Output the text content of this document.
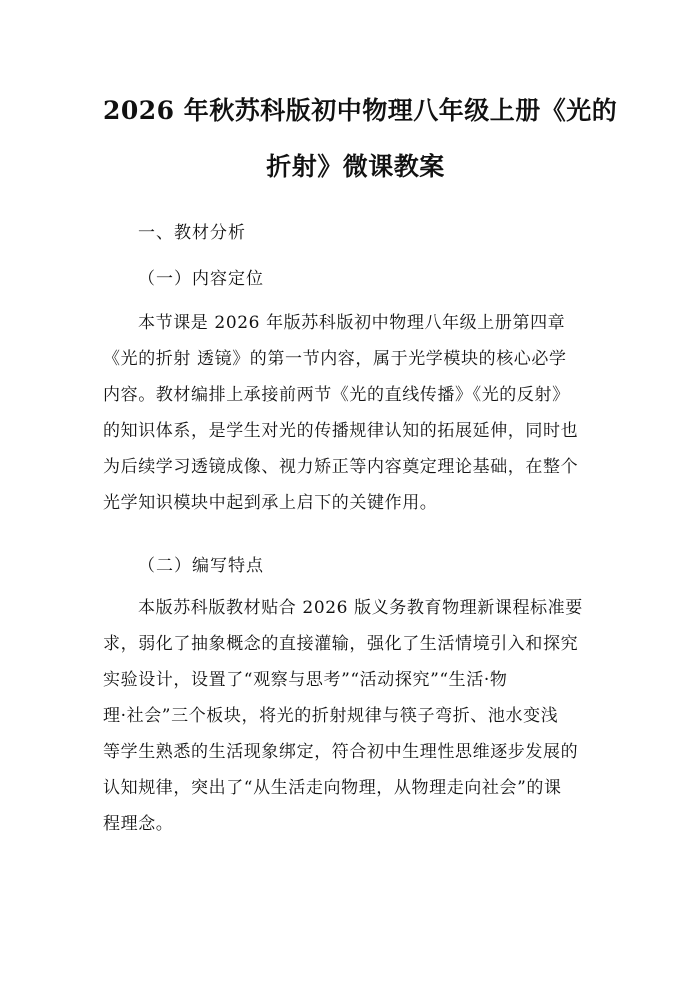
2026 年秋苏科版初中物理八年级上册《光的
折射》微课教案
一、教材分析
（一）内容定位
本节课是 2026 年版苏科版初中物理八年级上册第四章
《光的折射 透镜》的第一节内容，属于光学模块的核心必学
内容。教材编排上承接前两节《光的直线传播》《光的反射》
的知识体系，是学生对光的传播规律认知的拓展延伸，同时也
为后续学习透镜成像、视力矫正等内容奠定理论基础，在整个
光学知识模块中起到承上启下的关键作用。
（二）编写特点
本版苏科版教材贴合 2026 版义务教育物理新课程标准要
求，弱化了抽象概念的直接灌输，强化了生活情境引入和探究
实验设计，设置了“观察与思考”“活动探究”“生活·物
理·社会”三个板块，将光的折射规律与筷子弯折、池水变浅
等学生熟悉的生活现象绑定，符合初中生理性思维逐步发展的
认知规律，突出了“从生活走向物理，从物理走向社会”的课
程理念。
